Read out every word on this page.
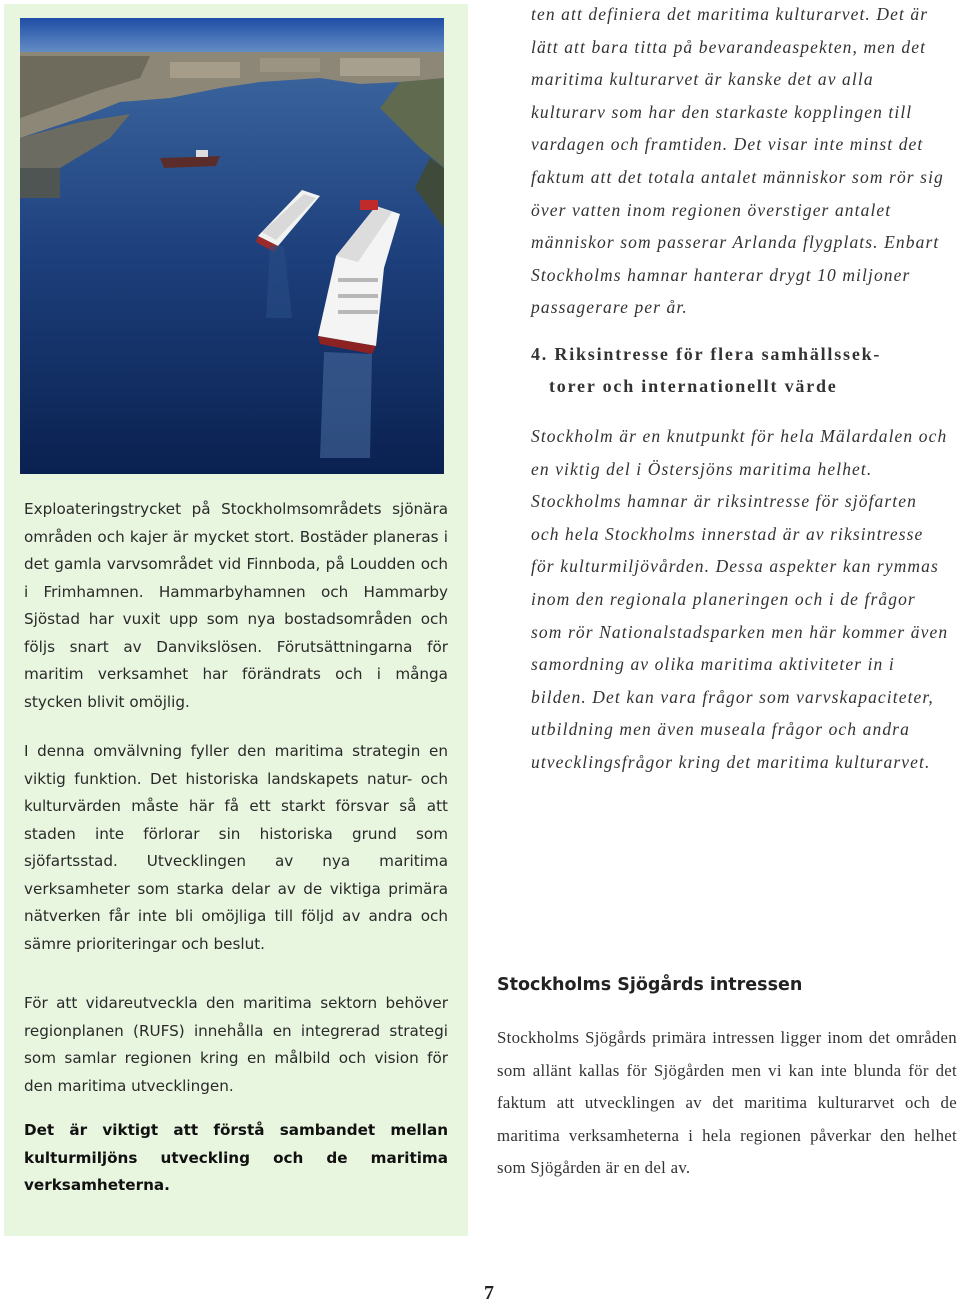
Exploateringstrycket på Stockholmsområdets sjönära områden och kajer är mycket stort. Bostäder planeras i det gamla varvsområdet vid Finnboda, på Loudden och i Frimhamnen. Hammarbyhamnen och Hammarby Sjöstad har vuxit upp som nya bostadsområden och följs snart av Danvikslösen. Förutsättningarna för maritim verksamhet har förändrats och i många stycken blivit omöjlig.

I denna omvälvning fyller den maritima strategin en viktig funktion. Det historiska landskapets natur- och kulturvärden måste här få ett starkt försvar så att staden inte förlorar sin historiska grund som sjöfartsstad. Utvecklingen av nya maritima verksamheter som starka delar av de viktiga primära nätverken får inte bli omöjliga till följd av andra och sämre prioriteringar och beslut.

För att vidareutveckla den maritima sektorn behöver regionplanen (RUFS) innehålla en integrerad strategi som samlar regionen kring en målbild och vision för den maritima utvecklingen.

Det är viktigt att förstå sambandet mellan kulturmiljöns utveckling och de maritima verksamheterna.

ten att definiera det maritima kulturarvet. Det är lätt att bara titta på bevarandeaspekten, men det maritima kulturarvet är kanske det av alla kulturarv som har den starkaste kopplingen till vardagen och framtiden. Det visar inte minst det faktum att det totala antalet människor som rör sig över vatten inom regionen överstiger antalet människor som passerar Arlanda flygplats. Enbart Stockholms hamnar hanterar drygt 10 miljoner passagerare per år.

4. Riksintresse för flera samhällssek-
torer och internationellt värde

Stockholm är en knutpunkt för hela Mälardalen och en viktig del i Östersjöns maritima helhet. Stockholms hamnar är riksintresse för sjöfarten och hela Stockholms innerstad är av riksintresse för kulturmiljövården. Dessa aspekter kan rymmas inom den regionala planeringen och i de frågor som rör Nationalstadsparken men här kommer även samordning av olika maritima aktiviteter in i bilden. Det kan vara frågor som varvskapaciteter, utbildning men även museala frågor och andra utvecklingsfrågor kring det maritima kulturarvet.

Stockholms Sjögårds intressen

Stockholms Sjögårds primära intressen ligger inom det områden som allänt kallas för Sjögården men vi kan inte blunda för det faktum att utvecklingen av det maritima kulturarvet och de maritima verksamheterna i hela regionen påverkar den helhet som Sjögården är en del av.

7
